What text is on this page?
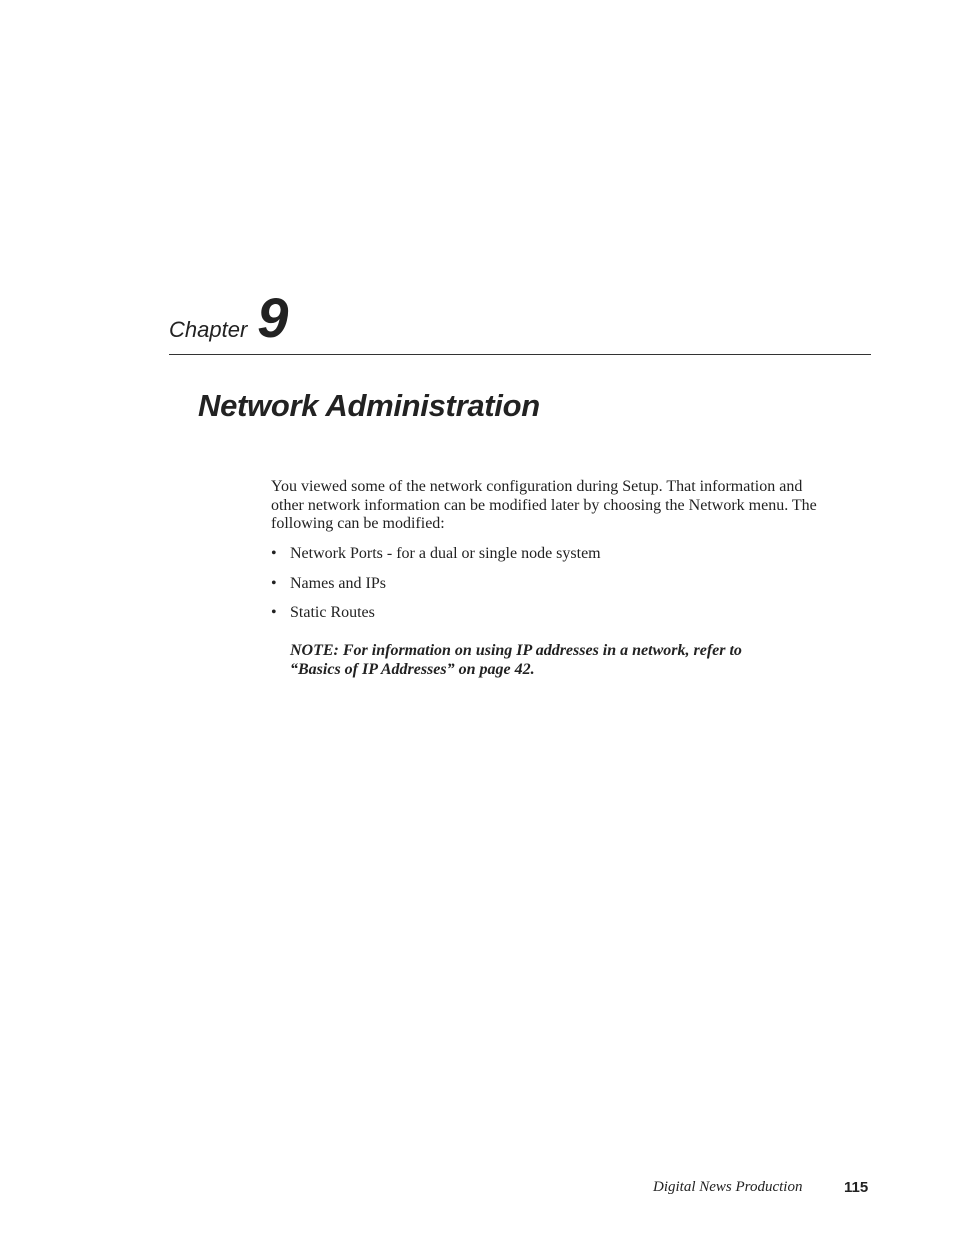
Chapter 9
Network Administration

You viewed some of the network configuration during Setup. That information and other network information can be modified later by choosing the Network menu. The following can be modified:

• Network Ports - for a dual or single node system
• Names and IPs
• Static Routes

NOTE: For information on using IP addresses in a network, refer to
“Basics of IP Addresses” on page 42.

Digital News Production	115
